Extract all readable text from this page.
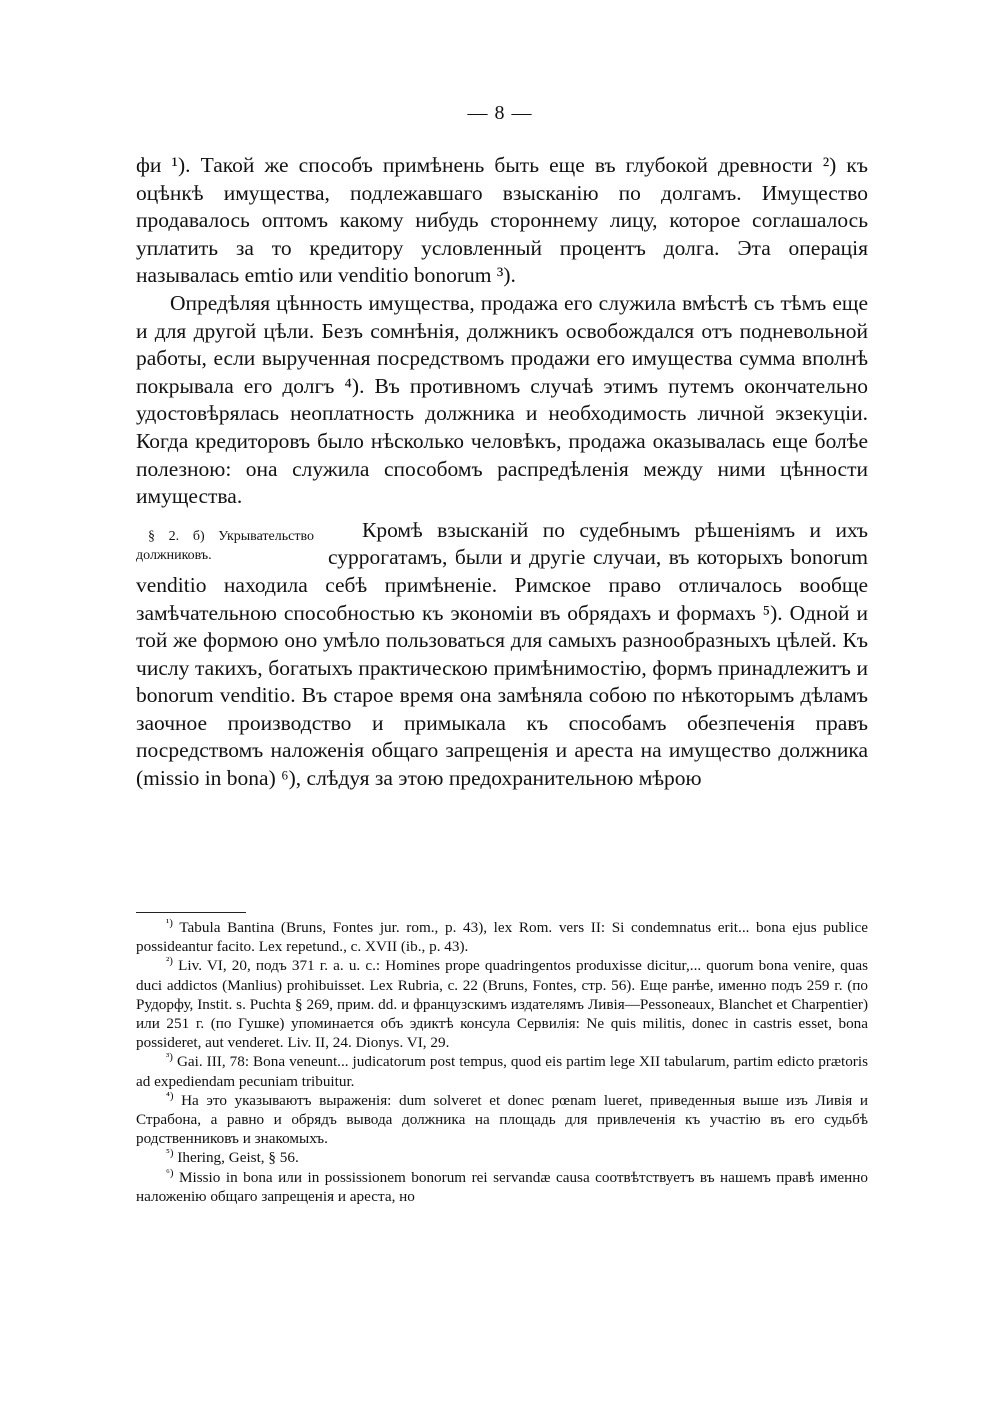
— 8 —

фи ¹). Такой же способъ примѣнень быть еще въ глубокой древности ²) къ оцѣнкѣ имущества, подлежавшаго взысканію по долгамъ. Имущество продавалось оптомъ какому нибудь стороннему лицу, которое соглашалось уплатить за то кредитору условленный процентъ долга. Эта операція называлась emtio или venditio bonorum ³).

Опредѣляя цѣнность имущества, продажа его служила вмѣстѣ съ тѣмъ еще и для другой цѣли. Безъ сомнѣнія, должникъ освобождался отъ подневольной работы, если вырученная посредствомъ продажи его имущества сумма вполнѣ покрывала его долгъ ⁴). Въ противномъ случаѣ этимъ путемъ окончательно удостовѣрялась неоплатность должника и необходимость личной экзекуціи. Когда кредиторовъ было нѣсколько человѣкъ, продажа оказывалась еще болѣе полезною: она служила способомъ распредѣленія между ними цѣнности имущества.

§ 2. б) Укрывательство должниковъ.

Кромѣ взысканій по судебнымъ рѣшеніямъ и ихъ суррогатамъ, были и другіе случаи, въ которыхъ bonorum venditio находила себѣ примѣненіе. Римское право отличалось вообще замѣчательною способностью къ экономіи въ обрядахъ и формахъ ⁵). Одной и той же формою оно умѣло пользоваться для самыхъ разнообразныхъ цѣлей. Къ числу такихъ, богатыхъ практическою примѣнимостію, формъ принадлежитъ и bonorum venditio. Въ старое время она замѣняла собою по нѣкоторымъ дѣламъ заочное производство и примыкала къ способамъ обезпеченія правъ посредствомъ наложенія общаго запрещенія и ареста на имущество должника (missio in bona) ⁶), слѣдуя за этою предохранительною мѣрою

$^{^1)}$ Tabula Bantina (Bruns, Fontes jur. rom., p. 43), lex Rom. vers II: Si condemnatus erit... bona ejus publice possideantur facito. Lex repetund., c. XVII (ib., p. 43).

$^{^2)}$ Liv. VI, 20, подъ 371 г. а. u. c.: Homines prope quadringentos produxisse dicitur,... quorum bona venire, quas duci addictos (Manlius) prohibuisset. Lex Rubria, c. 22 (Bruns, Fontes, стр. 56). Еще ранѣе, именно подъ 259 г. (по Рудорфу, Instit. s. Puchta § 269, прим. dd. и французскимъ издателямъ Ливія—Pessoneaux, Blanchet et Charpentier) или 251 г. (по Гушке) упоминается объ эдиктѣ консула Сервилія: Ne quis militis, donec in castris esset, bona possideret, aut venderet. Liv. II, 24. Dionys. VI, 29.

$^{^3)}$ Gai. III, 78: Bona veneunt... judicatorum post tempus, quod eis partim lege XII tabularum, partim edicto prætoris ad expediendam pecuniam tribuitur.

$^{^4)}$ На это указываютъ выраженія: dum solveret et donec pœnam lueret, приведенныя выше изъ Ливія и Страбона, а равно и обрядъ вывода должника на площадь для привлеченія къ участію въ его судьбѣ родственниковъ и знакомыхъ.

$^{^5)}$ Ihering, Geist, § 56.

$^{^6)}$ Missio in bona или in possissionem bonorum rei servandæ causa соотвѣтствуетъ въ нашемъ правѣ именно наложенію общаго запрещенія и ареста, но
